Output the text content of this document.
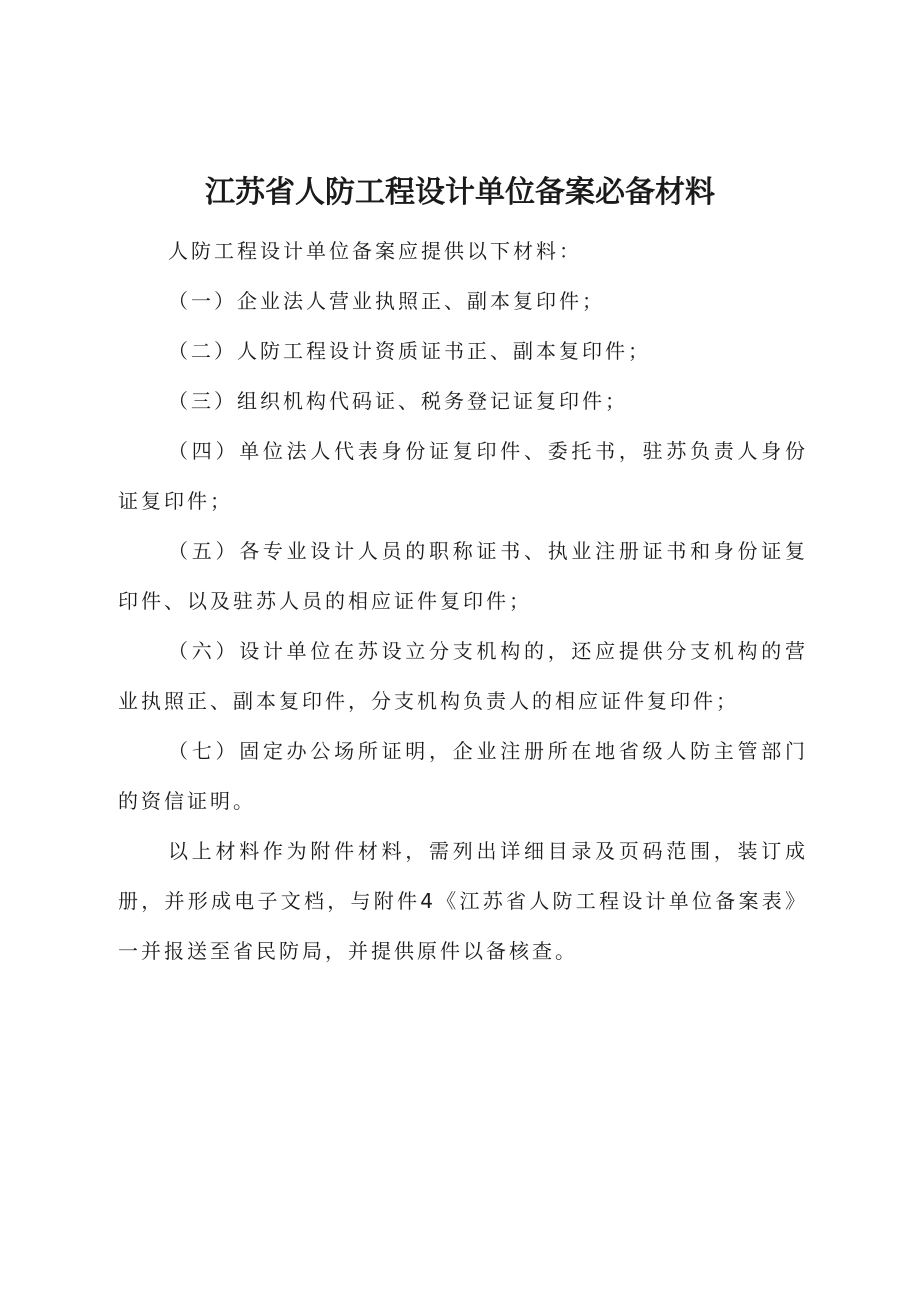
江苏省人防工程设计单位备案必备材料

人防工程设计单位备案应提供以下材料：

（一）企业法人营业执照正、副本复印件；

（二）人防工程设计资质证书正、副本复印件；

（三）组织机构代码证、税务登记证复印件；

（四）单位法人代表身份证复印件、委托书，驻苏负责人身份证复印件；

（五）各专业设计人员的职称证书、执业注册证书和身份证复印件、以及驻苏人员的相应证件复印件；

（六）设计单位在苏设立分支机构的，还应提供分支机构的营业执照正、副本复印件，分支机构负责人的相应证件复印件；

（七）固定办公场所证明，企业注册所在地省级人防主管部门的资信证明。

以上材料作为附件材料，需列出详细目录及页码范围，装订成册，并形成电子文档，与附件4《江苏省人防工程设计单位备案表》一并报送至省民防局，并提供原件以备核查。
